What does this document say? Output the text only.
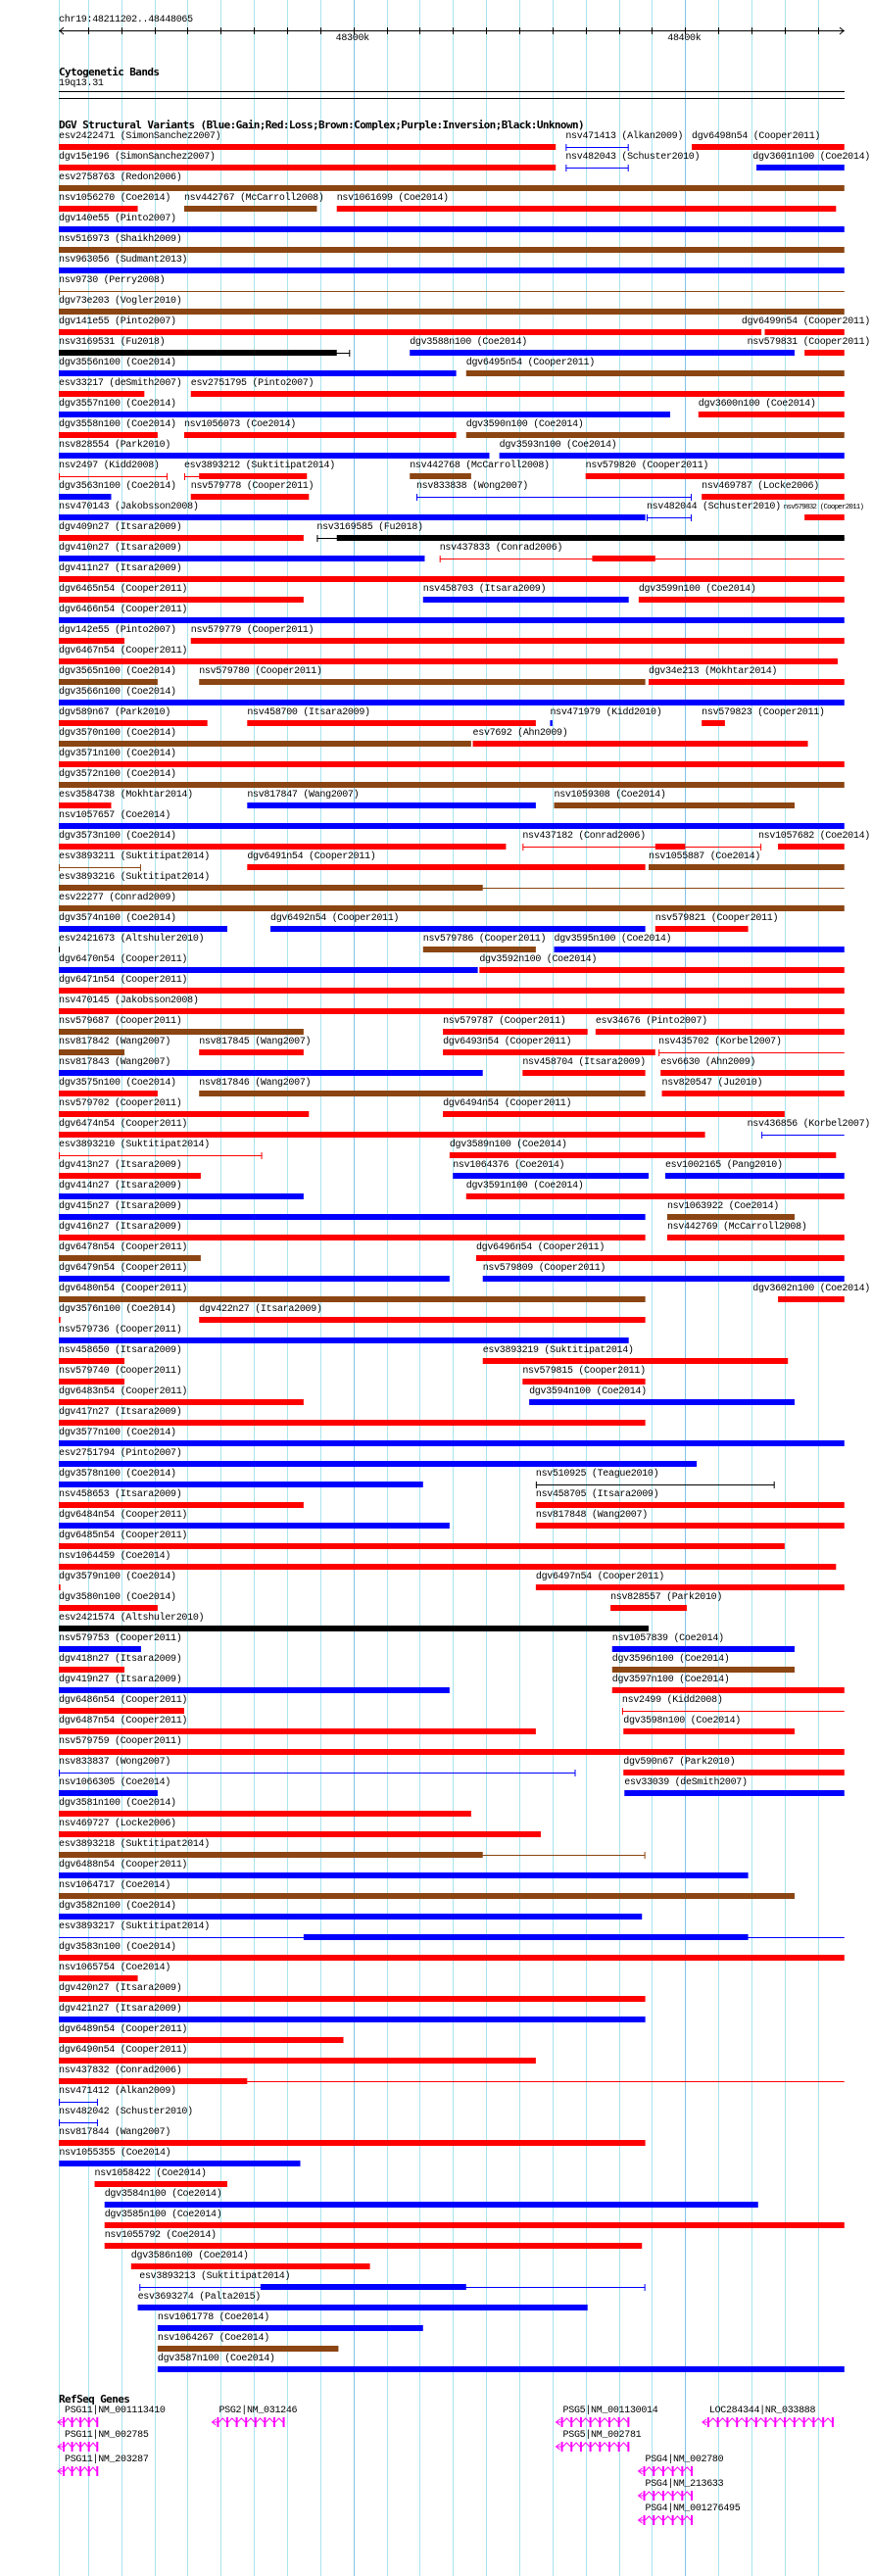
chr19:48211202..48448065
48300k	48400k
Cytogenetic Bands
19q13.31
DGV Structural Variants (Blue:Gain;Red:Loss;Brown:Complex;Purple:Inversion;Black:Unknown)
esv2422471 (SimonSanchez2007)	nsv471413 (Alkan2009) dgv6498n54 (Cooper2011)
dgv15e196 (SimonSanchez2007)	nsv482043 (Schuster2010)	dgv3601n100 (Coe2014)
esv2758763 (Redon2006)
nsv1056270 (Coe2014) nsv442767 (McCarroll2008) nsv1061699 (Coe2014)
dgv140e55 (Pinto2007)
nsv516973 (Shaikh2009)
nsv963056 (Sudmant2013)
nsv9730 (Perry2008)
dgv73e203 (Vogler2010)
dgv141e55 (Pinto2007)	dgv6499n54 (Cooper2011)
nsv3169531 (Fu2018)	dgv3588n100 (Coe2014)	nsv579831 (Cooper2011)
dgv3556n100 (Coe2014)	dgv6495n54 (Cooper2011)
esv33217 (deSmith2007) esv2751795 (Pinto2007)
dgv3557n100 (Coe2014)	dgv3600n100 (Coe2014)
dgv3558n100 (Coe2014) nsv1056073 (Coe2014)	dgv3590n100 (Coe2014)
nsv828554 (Park2010)	dgv3593n100 (Coe2014)
nsv2497 (Kidd2008)	esv3893212 (Suktitipat2014)	nsv442768 (McCarroll2008)	nsv579820 (Cooper2011)
dgv3563n100 (Coe2014) nsv579778 (Cooper2011)	nsv833838 (Wong2007)	nsv469787 (Locke2006)
nsv470143 (Jakobsson2008)	nsv482044 (Schuster2010) nsv579832 (Cooper2011)
dgv409n27 (Itsara2009)	nsv3169585 (Fu2018)
dgv410n27 (Itsara2009)	nsv437833 (Conrad2006)
dgv411n27 (Itsara2009)
dgv6465n54 (Cooper2011)	nsv458703 (Itsara2009)	dgv3599n100 (Coe2014)
dgv6466n54 (Cooper2011)
dgv142e55 (Pinto2007) nsv579779 (Cooper2011)
dgv6467n54 (Cooper2011)
dgv3565n100 (Coe2014) nsv579780 (Cooper2011)	dgv34e213 (Mokhtar2014)
dgv3566n100 (Coe2014)
dgv589n67 (Park2010)	nsv458700 (Itsara2009)	nsv471979 (Kidd2010)	nsv579823 (Cooper2011)
dgv3570n100 (Coe2014)	esv7692 (Ahn2009)
dgv3571n100 (Coe2014)
dgv3572n100 (Coe2014)
esv3584738 (Mokhtar2014)	nsv817847 (Wang2007)	nsv1059308 (Coe2014)
nsv1057657 (Coe2014)
dgv3573n100 (Coe2014)	nsv437182 (Conrad2006)	nsv1057682 (Coe2014)
esv3893211 (Suktitipat2014)	dgv6491n54 (Cooper2011)	nsv1055887 (Coe2014)
esv3893216 (Suktitipat2014)
esv22277 (Conrad2009)
dgv3574n100 (Coe2014)	dgv6492n54 (Cooper2011)	nsv579821 (Cooper2011)
esv2421673 (Altshuler2010)	nsv579786 (Cooper2011) dgv3595n100 (Coe2014)
dgv6470n54 (Cooper2011)	dgv3592n100 (Coe2014)
dgv6471n54 (Cooper2011)
nsv470145 (Jakobsson2008)
nsv579687 (Cooper2011)	nsv579787 (Cooper2011)	esv34676 (Pinto2007)
nsv817842 (Wang2007)	nsv817845 (Wang2007)	dgv6493n54 (Cooper2011)	nsv435702 (Korbel2007)
nsv817843 (Wang2007)	nsv458704 (Itsara2009) esv6630 (Ahn2009)
dgv3575n100 (Coe2014) nsv817846 (Wang2007)	nsv820547 (Ju2010)
nsv579702 (Cooper2011)	dgv6494n54 (Cooper2011)
dgv6474n54 (Cooper2011)	nsv436856 (Korbel2007)
esv3893210 (Suktitipat2014)	dgv3589n100 (Coe2014)
dgv413n27 (Itsara2009)	nsv1064376 (Coe2014)	esv1002165 (Pang2010)
dgv414n27 (Itsara2009)	dgv3591n100 (Coe2014)
dgv415n27 (Itsara2009)	nsv1063922 (Coe2014)
dgv416n27 (Itsara2009)	nsv442769 (McCarroll2008)
dgv6478n54 (Cooper2011)	dgv6496n54 (Cooper2011)
dgv6479n54 (Cooper2011)	nsv579809 (Cooper2011)
dgv6480n54 (Cooper2011)	dgv3602n100 (Coe2014)
dgv3576n100 (Coe2014) dgv422n27 (Itsara2009)
nsv579736 (Cooper2011)
nsv458650 (Itsara2009)	esv3893219 (Suktitipat2014)
nsv579740 (Cooper2011)	nsv579815 (Cooper2011)
dgv6483n54 (Cooper2011)	dgv3594n100 (Coe2014)
dgv417n27 (Itsara2009)
dgv3577n100 (Coe2014)
esv2751794 (Pinto2007)
dgv3578n100 (Coe2014)	nsv510925 (Teague2010)
nsv458653 (Itsara2009)	nsv458705 (Itsara2009)
dgv6484n54 (Cooper2011)	nsv817848 (Wang2007)
dgv6485n54 (Cooper2011)
nsv1064459 (Coe2014)
dgv3579n100 (Coe2014)	dgv6497n54 (Cooper2011)
dgv3580n100 (Coe2014)	nsv828557 (Park2010)
esv2421574 (Altshuler2010)
nsv579753 (Cooper2011)	nsv1057839 (Coe2014)
dgv418n27 (Itsara2009)	dgv3596n100 (Coe2014)
dgv419n27 (Itsara2009)	dgv3597n100 (Coe2014)
dgv6486n54 (Cooper2011)	nsv2499 (Kidd2008)
dgv6487n54 (Cooper2011)	dgv3598n100 (Coe2014)
nsv579759 (Cooper2011)
nsv833837 (Wong2007)	dgv590n67 (Park2010)
nsv1066305 (Coe2014)	esv33039 (deSmith2007)
dgv3581n100 (Coe2014)
nsv469727 (Locke2006)
esv3893218 (Suktitipat2014)
dgv6488n54 (Cooper2011)
nsv1064717 (Coe2014)
dgv3582n100 (Coe2014)
esv3893217 (Suktitipat2014)
dgv3583n100 (Coe2014)
nsv1065754 (Coe2014)
dgv420n27 (Itsara2009)
dgv421n27 (Itsara2009)
dgv6489n54 (Cooper2011)
dgv6490n54 (Cooper2011)
nsv437832 (Conrad2006)
nsv471412 (Alkan2009)
nsv482042 (Schuster2010)
nsv817844 (Wang2007)
nsv1055355 (Coe2014)
nsv1058422 (Coe2014)
dgv3584n100 (Coe2014)
dgv3585n100 (Coe2014)
nsv1055792 (Coe2014)
dgv3586n100 (Coe2014)
esv3893213 (Suktitipat2014)
esv3693274 (Palta2015)
nsv1061778 (Coe2014)
nsv1064267 (Coe2014)
dgv3587n100 (Coe2014)
RefSeq Genes
PSG11|NM_001113410	PSG2|NM_031246	PSG5|NM_001130014	LOC284344|NR_033888
PSG11|NM_002785	PSG5|NM_002781
PSG11|NM_203287	PSG4|NM_002780
PSG4|NM_213633
PSG4|NM_001276495
